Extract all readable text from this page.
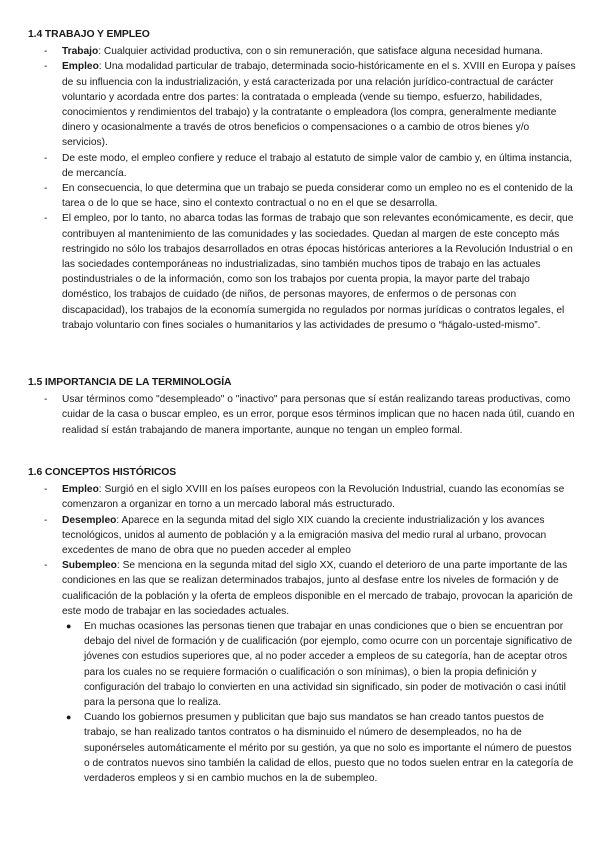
1.4 TRABAJO Y EMPLEO
- Trabajo: Cualquier actividad productiva, con o sin remuneración, que satisface alguna necesidad humana.
- Empleo: Una modalidad particular de trabajo, determinada socio-históricamente en el s. XVIII en Europa y países de su influencia con la industrialización, y está caracterizada por una relación jurídico-contractual de carácter voluntario y acordada entre dos partes: la contratada o empleada (vende su tiempo, esfuerzo, habilidades, conocimientos y rendimientos del trabajo) y la contratante o empleadora (los compra, generalmente mediante dinero y ocasionalmente a través de otros beneficios o compensaciones o a cambio de otros bienes y/o servicios).
- De este modo, el empleo confiere y reduce el trabajo al estatuto de simple valor de cambio y, en última instancia, de mercancía.
- En consecuencia, lo que determina que un trabajo se pueda considerar como un empleo no es el contenido de la tarea o de lo que se hace, sino el contexto contractual o no en el que se desarrolla.
- El empleo, por lo tanto, no abarca todas las formas de trabajo que son relevantes económicamente, es decir, que contribuyen al mantenimiento de las comunidades y las sociedades. Quedan al margen de este concepto más restringido no sólo los trabajos desarrollados en otras épocas históricas anteriores a la Revolución Industrial o en las sociedades contemporáneas no industrializadas, sino también muchos tipos de trabajo en las actuales postindustriales o de la información, como son los trabajos por cuenta propia, la mayor parte del trabajo doméstico, los trabajos de cuidado (de niños, de personas mayores, de enfermos o de personas con discapacidad), los trabajos de la economía sumergida no regulados por normas jurídicas o contratos legales, el trabajo voluntario con fines sociales o humanitarios y las actividades de presumo o “hágalo-usted-mismo”.
1.5 IMPORTANCIA DE LA TERMINOLOGÍA
- Usar términos como "desempleado" o "inactivo" para personas que sí están realizando tareas productivas, como cuidar de la casa o buscar empleo, es un error, porque esos términos implican que no hacen nada útil, cuando en realidad sí están trabajando de manera importante, aunque no tengan un empleo formal.
1.6 CONCEPTOS HISTÓRICOS
- Empleo: Surgió en el siglo XVIII en los países europeos con la Revolución Industrial, cuando las economías se comenzaron a organizar en torno a un mercado laboral más estructurado.
- Desempleo: Aparece en la segunda mitad del siglo XIX cuando la creciente industrialización y los avances tecnológicos, unidos al aumento de población y a la emigración masiva del medio rural al urbano, provocan excedentes de mano de obra que no pueden acceder al empleo
- Subempleo: Se menciona en la segunda mitad del siglo XX, cuando el deterioro de una parte importante de las condiciones en las que se realizan determinados trabajos, junto al desfase entre los niveles de formación y de cualificación de la población y la oferta de empleos disponible en el mercado de trabajo, provocan la aparición de este modo de trabajar en las sociedades actuales.
● En muchas ocasiones las personas tienen que trabajar en unas condiciones que o bien se encuentran por debajo del nivel de formación y de cualificación (por ejemplo, como ocurre con un porcentaje significativo de jóvenes con estudios superiores que, al no poder acceder a empleos de su categoría, han de aceptar otros para los cuales no se requiere formación o cualificación o son mínimas), o bien la propia definición y configuración del trabajo lo convierten en una actividad sin significado, sin poder de motivación o casi inútil para la persona que lo realiza.
● Cuando los gobiernos presumen y publicitan que bajo sus mandatos se han creado tantos puestos de trabajo, se han realizado tantos contratos o ha disminuido el número de desempleados, no ha de suponérseles automáticamente el mérito por su gestión, ya que no solo es importante el número de puestos o de contratos nuevos sino también la calidad de ellos, puesto que no todos suelen entrar en la categoría de verdaderos empleos y si en cambio muchos en la de subempleo.
